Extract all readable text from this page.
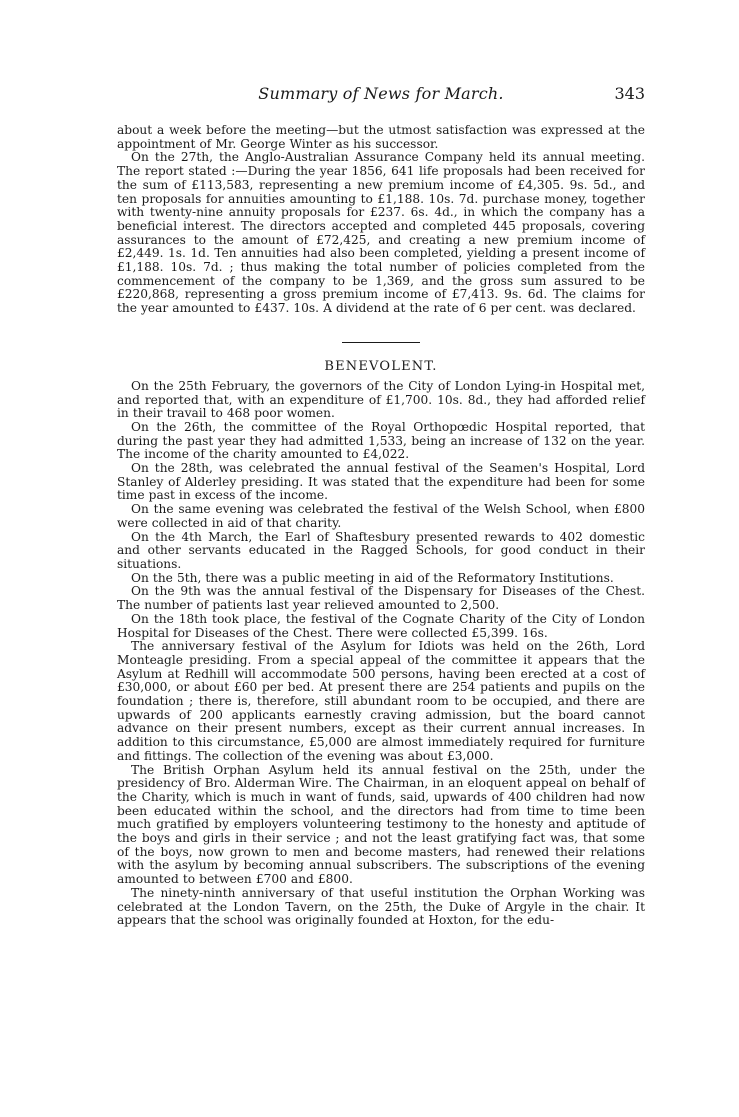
Summary of News for March.	343

about a week before the meeting—but the utmost satisfaction was expressed at the appointment of Mr. George Winter as his successor.

On the 27th, the Anglo-Australian Assurance Company held its annual meeting. The report stated :—During the year 1856, 641 life proposals had been received for the sum of £113,583, representing a new premium income of £4,305. 9s. 5d., and ten proposals for annuities amounting to £1,188. 10s. 7d. purchase money, together with twenty-nine annuity proposals for £237. 6s. 4d., in which the company has a beneficial interest. The directors accepted and completed 445 proposals, covering assurances to the amount of £72,425, and creating a new premium income of £2,449. 1s. 1d. Ten annuities had also been completed, yielding a present income of £1,188. 10s. 7d. ; thus making the total number of policies completed from the commencement of the company to be 1,369, and the gross sum assured to be £220,868, representing a gross premium income of £7,413. 9s. 6d. The claims for the year amounted to £437. 10s. A dividend at the rate of 6 per cent. was declared.

BENEVOLENT.

On the 25th February, the governors of the City of London Lying-in Hospital met, and reported that, with an expenditure of £1,700. 10s. 8d., they had afforded relief in their travail to 468 poor women.

On the 26th, the committee of the Royal Orthopœdic Hospital reported, that during the past year they had admitted 1,533, being an increase of 132 on the year. The income of the charity amounted to £4,022.

On the 28th, was celebrated the annual festival of the Seamen's Hospital, Lord Stanley of Alderley presiding. It was stated that the expenditure had been for some time past in excess of the income.

On the same evening was celebrated the festival of the Welsh School, when £800 were collected in aid of that charity.

On the 4th March, the Earl of Shaftesbury presented rewards to 402 domestic and other servants educated in the Ragged Schools, for good conduct in their situations.

On the 5th, there was a public meeting in aid of the Reformatory Institutions.

On the 9th was the annual festival of the Dispensary for Diseases of the Chest. The number of patients last year relieved amounted to 2,500.

On the 18th took place, the festival of the Cognate Charity of the City of London Hospital for Diseases of the Chest. There were collected £5,399. 16s.

The anniversary festival of the Asylum for Idiots was held on the 26th, Lord Monteagle presiding. From a special appeal of the committee it appears that the Asylum at Redhill will accommodate 500 persons, having been erected at a cost of £30,000, or about £60 per bed. At present there are 254 patients and pupils on the foundation ; there is, therefore, still abundant room to be occupied, and there are upwards of 200 applicants earnestly craving admission, but the board cannot advance on their present numbers, except as their current annual increases. In addition to this circumstance, £5,000 are almost immediately required for furniture and fittings. The collection of the evening was about £3,000.

The British Orphan Asylum held its annual festival on the 25th, under the presidency of Bro. Alderman Wire. The Chairman, in an eloquent appeal on behalf of the Charity, which is much in want of funds, said, upwards of 400 children had now been educated within the school, and the directors had from time to time been much gratified by employers volunteering testimony to the honesty and aptitude of the boys and girls in their service ; and not the least gratifying fact was, that some of the boys, now grown to men and become masters, had renewed their relations with the asylum by becoming annual subscribers. The subscriptions of the evening amounted to between £700 and £800.

The ninety-ninth anniversary of that useful institution the Orphan Working was celebrated at the London Tavern, on the 25th, the Duke of Argyle in the chair. It appears that the school was originally founded at Hoxton, for the edu-
